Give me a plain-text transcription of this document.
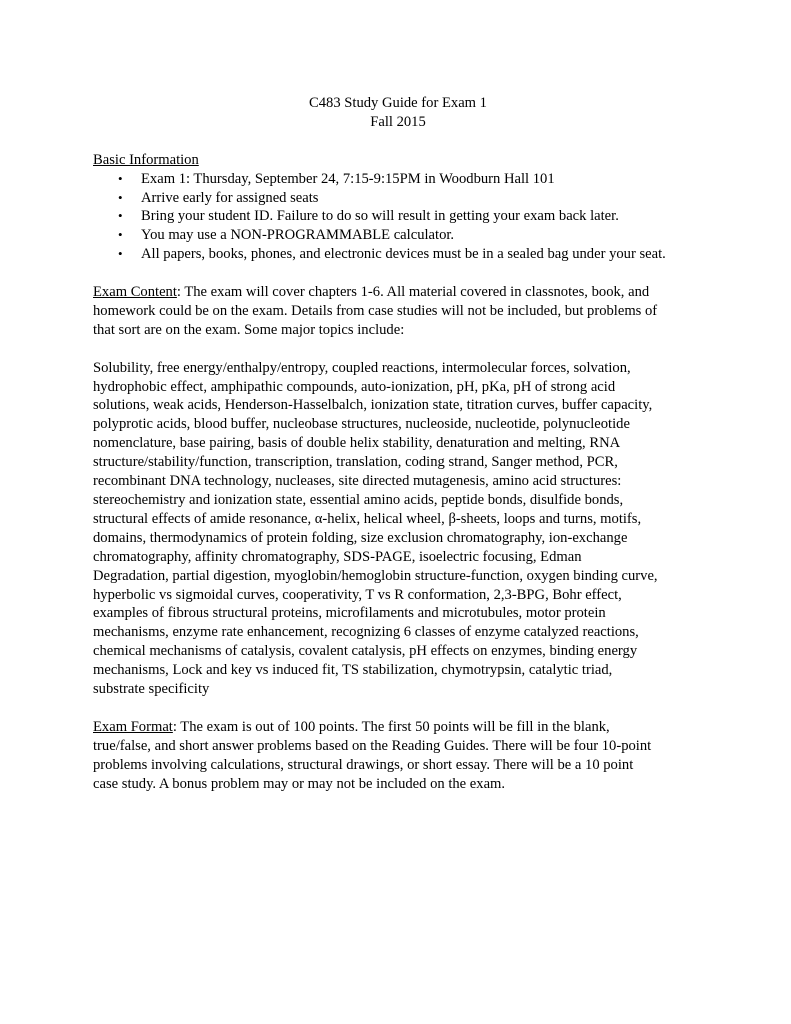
C483 Study Guide for Exam 1
Fall 2015
Basic Information
• Exam 1: Thursday, September 24, 7:15-9:15PM in Woodburn Hall 101
• Arrive early for assigned seats
• Bring your student ID. Failure to do so will result in getting your exam back later.
• You may use a NON-PROGRAMMABLE calculator.
• All papers, books, phones, and electronic devices must be in a sealed bag under your seat.
Exam Content: The exam will cover chapters 1-6. All material covered in classnotes, book, and
homework could be on the exam. Details from case studies will not be included, but problems of
that sort are on the exam. Some major topics include:
Solubility, free energy/enthalpy/entropy, coupled reactions, intermolecular forces, solvation,
hydrophobic effect, amphipathic compounds, auto-ionization, pH, pKa, pH of strong acid
solutions, weak acids, Henderson-Hasselbalch, ionization state, titration curves, buffer capacity,
polyprotic acids, blood buffer, nucleobase structures, nucleoside, nucleotide, polynucleotide
nomenclature, base pairing, basis of double helix stability, denaturation and melting, RNA
structure/stability/function, transcription, translation, coding strand, Sanger method, PCR,
recombinant DNA technology, nucleases, site directed mutagenesis, amino acid structures:
stereochemistry and ionization state, essential amino acids, peptide bonds, disulfide bonds,
structural effects of amide resonance, α-helix, helical wheel, β-sheets, loops and turns, motifs,
domains, thermodynamics of protein folding, size exclusion chromatography, ion-exchange
chromatography, affinity chromatography, SDS-PAGE, isoelectric focusing, Edman
Degradation, partial digestion, myoglobin/hemoglobin structure-function, oxygen binding curve,
hyperbolic vs sigmoidal curves, cooperativity, T vs R conformation, 2,3-BPG, Bohr effect,
examples of fibrous structural proteins, microfilaments and microtubules, motor protein
mechanisms, enzyme rate enhancement, recognizing 6 classes of enzyme catalyzed reactions,
chemical mechanisms of catalysis, covalent catalysis, pH effects on enzymes, binding energy
mechanisms, Lock and key vs induced fit, TS stabilization, chymotrypsin, catalytic triad,
substrate specificity
Exam Format: The exam is out of 100 points. The first 50 points will be fill in the blank,
true/false, and short answer problems based on the Reading Guides. There will be four 10-point
problems involving calculations, structural drawings, or short essay. There will be a 10 point
case study. A bonus problem may or may not be included on the exam.
